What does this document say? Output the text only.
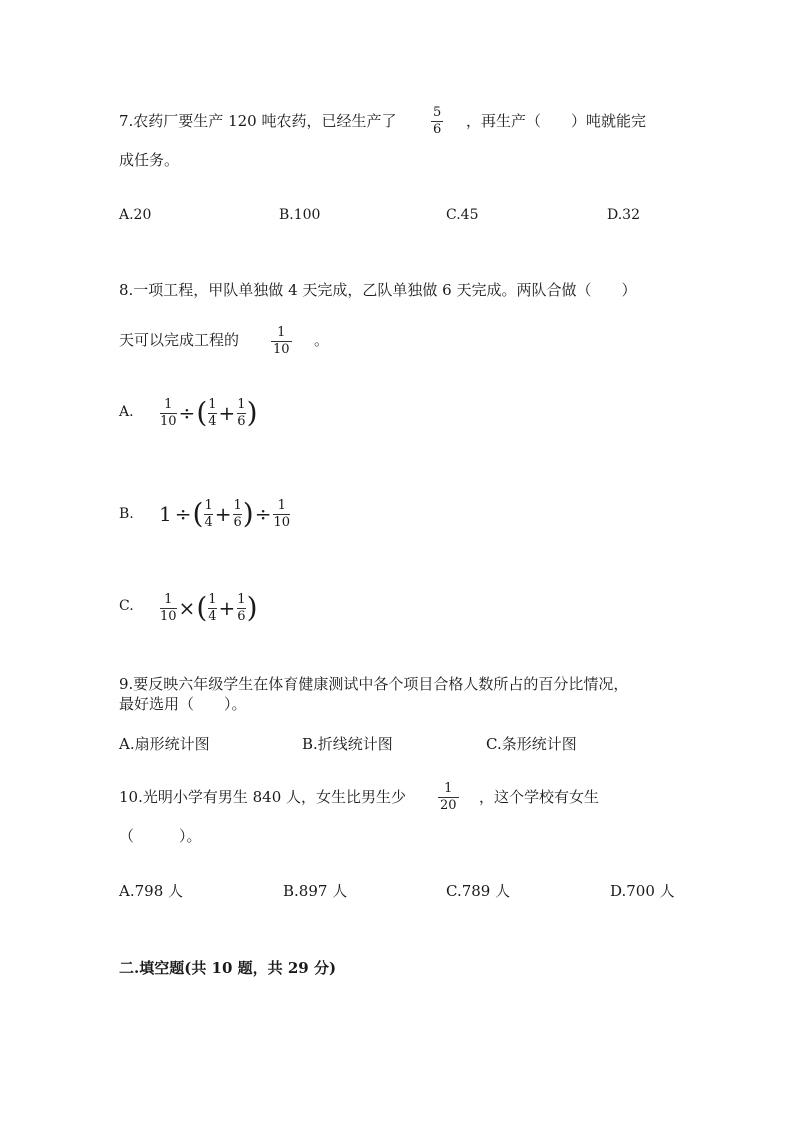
7.农药厂要生产 120 吨农药，已经生产了	5
6 ，再生产（　　）吨就能完
成任务。
A.20	B.100	C.45	D.32
8.一项工程，甲队单独做 4 天完成，乙队单独做 6 天完成。两队合做（　　）
天可以完成工程的	1
10
。
A. 1
10 ÷ ( 1
4 + 1
6 )
B. 1 ÷ ( 1
4 + 1
6 ) ÷ 1
10
C. 1
10 × ( 1
4 + 1
6 )
9.要反映六年级学生在体育健康测试中各个项目合格人数所占的百分比情况，
最好选用（　　）。
A.扇形统计图	B.折线统计图	C.条形统计图
10.光明小学有男生 840 人，女生比男生少	1
20 ，这个学校有女生
（　　　）。
A.798 人	B.897 人	C.789 人	D.700 人
二.填空题(共 10 题，共 29 分)
